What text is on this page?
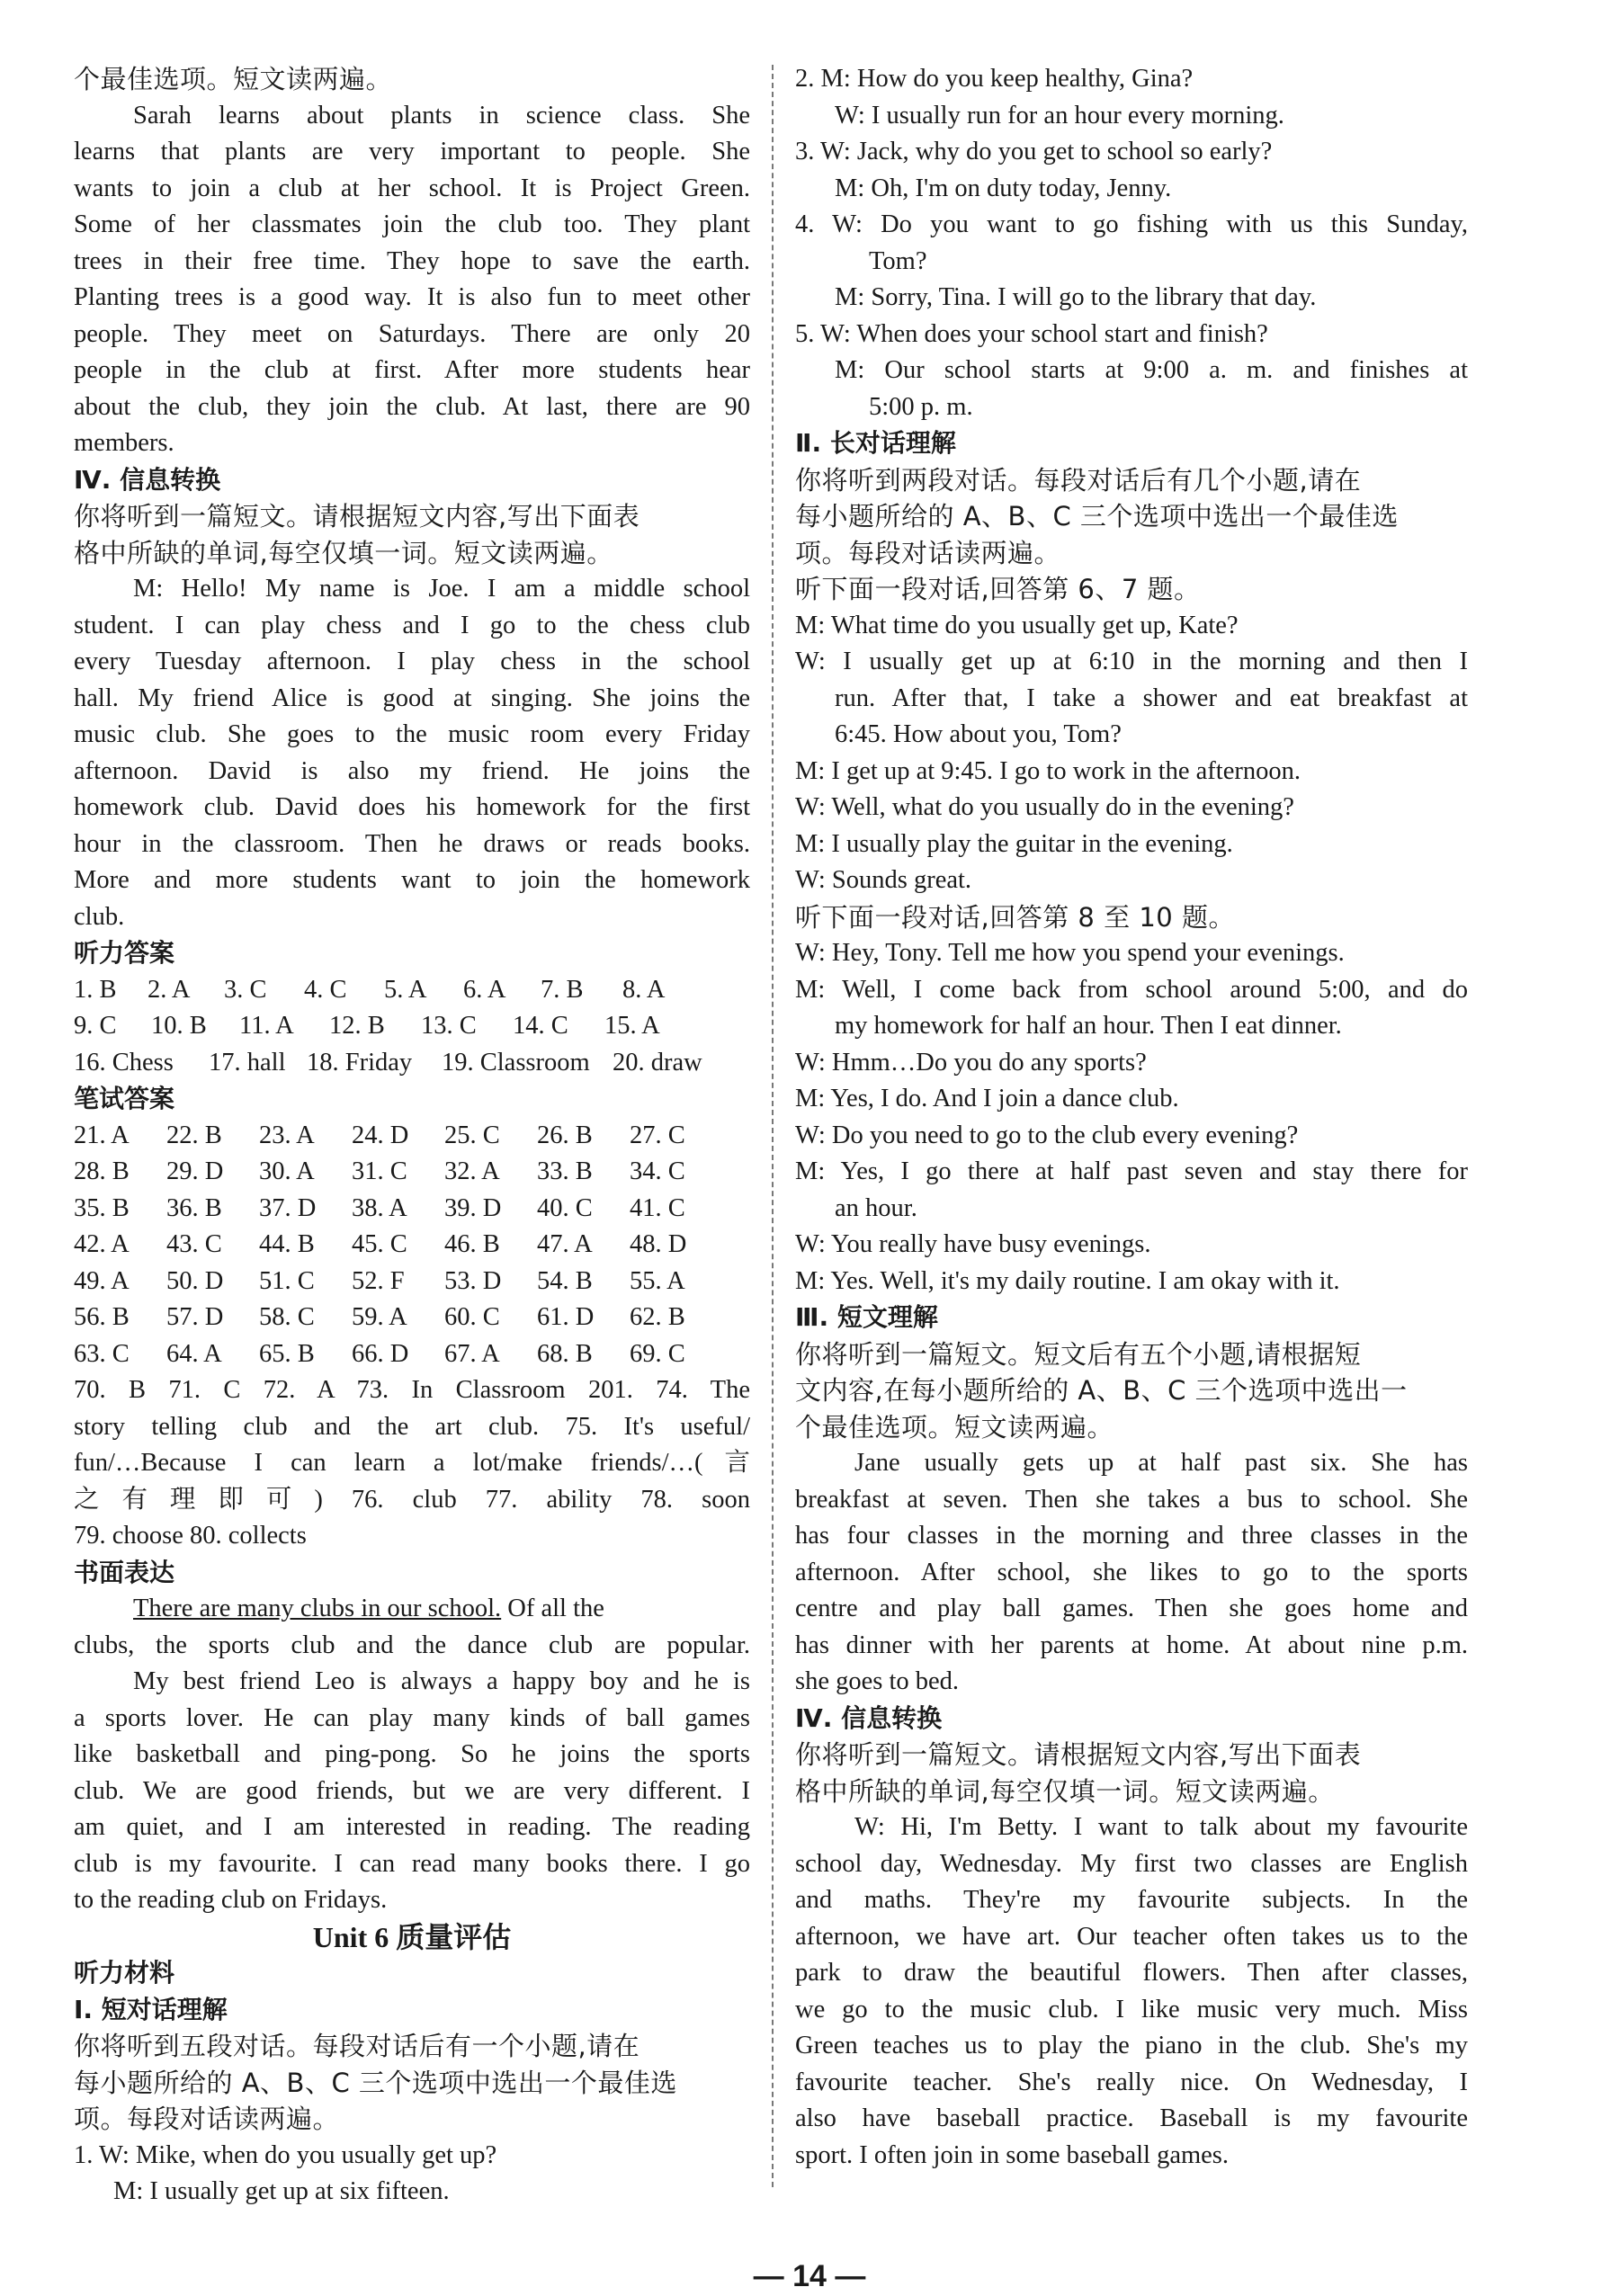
个最佳选项。短文读两遍。
Sarah learns about plants in science class. She
learns that plants are very important to people. She
wants to join a club at her school. It is Project Green.
Some of her classmates join the club too. They plant
trees in their free time. They hope to save the earth.
Planting trees is a good way. It is also fun to meet other
people. They meet on Saturdays. There are only 20
people in the club at first. After more students hear
about the club, they join the club. At last, there are 90
members.
Ⅳ. 信息转换
你将听到一篇短文。请根据短文内容,写出下面表
格中所缺的单词,每空仅填一词。短文读两遍。
M: Hello! My name is Joe. I am a middle school
student. I can play chess and I go to the chess club
every Tuesday afternoon. I play chess in the school
hall. My friend Alice is good at singing. She joins the
music club. She goes to the music room every Friday
afternoon. David is also my friend. He joins the
homework club. David does his homework for the first
hour in the classroom. Then he draws or reads books.
More and more students want to join the homework
club.
听力答案
1. B	2. A	3. C	4. C	5. A	6. A	7. B	8. A
9. C	10. B	11. A	12. B	13. C	14. C	15. A
16. Chess	17. hall 18. Friday	19. Classroom 20. draw
笔试答案
21. A	22. B	23. A	24. D	25. C	26. B	27. C
28. B	29. D	30. A	31. C	32. A	33. B	34. C
35. B	36. B	37. D	38. A	39. D	40. C	41. C
42. A	43. C	44. B	45. C	46. B	47. A	48. D
49. A	50. D	51. C	52. F	53. D	54. B	55. A
56. B	57. D	58. C	59. A	60. C	61. D	62. B
63. C	64. A	65. B	66. D	67. A	68. B	69. C
70. B 71. C 72. A 73. In Classroom 201. 74. The
story telling club and the art club. 75. It's useful/
fun/…Because I can learn a lot/make friends/…(言
之有理即可) 76. club 77. ability 78. soon
79. choose 80. collects
书面表达
There are many clubs in our school. Of all the
clubs, the sports club and the dance club are popular.
My best friend Leo is always a happy boy and he is
a sports lover. He can play many kinds of ball games
like basketball and ping-pong. So he joins the sports
club. We are good friends, but we are very different. I
am quiet, and I am interested in reading. The reading
club is my favourite. I can read many books there. I go
to the reading club on Fridays.
Unit 6 质量评估
听力材料
Ⅰ. 短对话理解
你将听到五段对话。每段对话后有一个小题,请在
每小题所给的 A、B、C 三个选项中选出一个最佳选
项。每段对话读两遍。
1. W: Mike, when do you usually get up?
M: I usually get up at six fifteen.
2. M: How do you keep healthy, Gina?
W: I usually run for an hour every morning.
3. W: Jack, why do you get to school so early?
M: Oh, I'm on duty today, Jenny.
4. W: Do you want to go fishing with us this Sunday,
Tom?
M: Sorry, Tina. I will go to the library that day.
5. W: When does your school start and finish?
M: Our school starts at 9:00 a. m. and finishes at
5:00 p. m.
Ⅱ. 长对话理解
你将听到两段对话。每段对话后有几个小题,请在
每小题所给的 A、B、C 三个选项中选出一个最佳选
项。每段对话读两遍。
听下面一段对话,回答第 6、7 题。
M: What time do you usually get up, Kate?
W: I usually get up at 6:10 in the morning and then I
run. After that, I take a shower and eat breakfast at
6:45. How about you, Tom?
M: I get up at 9:45. I go to work in the afternoon.
W: Well, what do you usually do in the evening?
M: I usually play the guitar in the evening.
W: Sounds great.
听下面一段对话,回答第 8 至 10 题。
W: Hey, Tony. Tell me how you spend your evenings.
M: Well, I come back from school around 5:00, and do
my homework for half an hour. Then I eat dinner.
W: Hmm…Do you do any sports?
M: Yes, I do. And I join a dance club.
W: Do you need to go to the club every evening?
M: Yes, I go there at half past seven and stay there for
an hour.
W: You really have busy evenings.
M: Yes. Well, it's my daily routine. I am okay with it.
Ⅲ. 短文理解
你将听到一篇短文。短文后有五个小题,请根据短
文内容,在每小题所给的 A、B、C 三个选项中选出一
个最佳选项。短文读两遍。
Jane usually gets up at half past six. She has
breakfast at seven. Then she takes a bus to school. She
has four classes in the morning and three classes in the
afternoon. After school, she likes to go to the sports
centre and play ball games. Then she goes home and
has dinner with her parents at home. At about nine p.m.
she goes to bed.
Ⅳ. 信息转换
你将听到一篇短文。请根据短文内容,写出下面表
格中所缺的单词,每空仅填一词。短文读两遍。
W: Hi, I'm Betty. I want to talk about my favourite
school day, Wednesday. My first two classes are English
and maths. They're my favourite subjects. In the
afternoon, we have art. Our teacher often takes us to the
park to draw the beautiful flowers. Then after classes,
we go to the music club. I like music very much. Miss
Green teaches us to play the piano in the club. She's my
favourite teacher. She's really nice. On Wednesday, I
also have baseball practice. Baseball is my favourite
sport. I often join in some baseball games.
— 14 —
